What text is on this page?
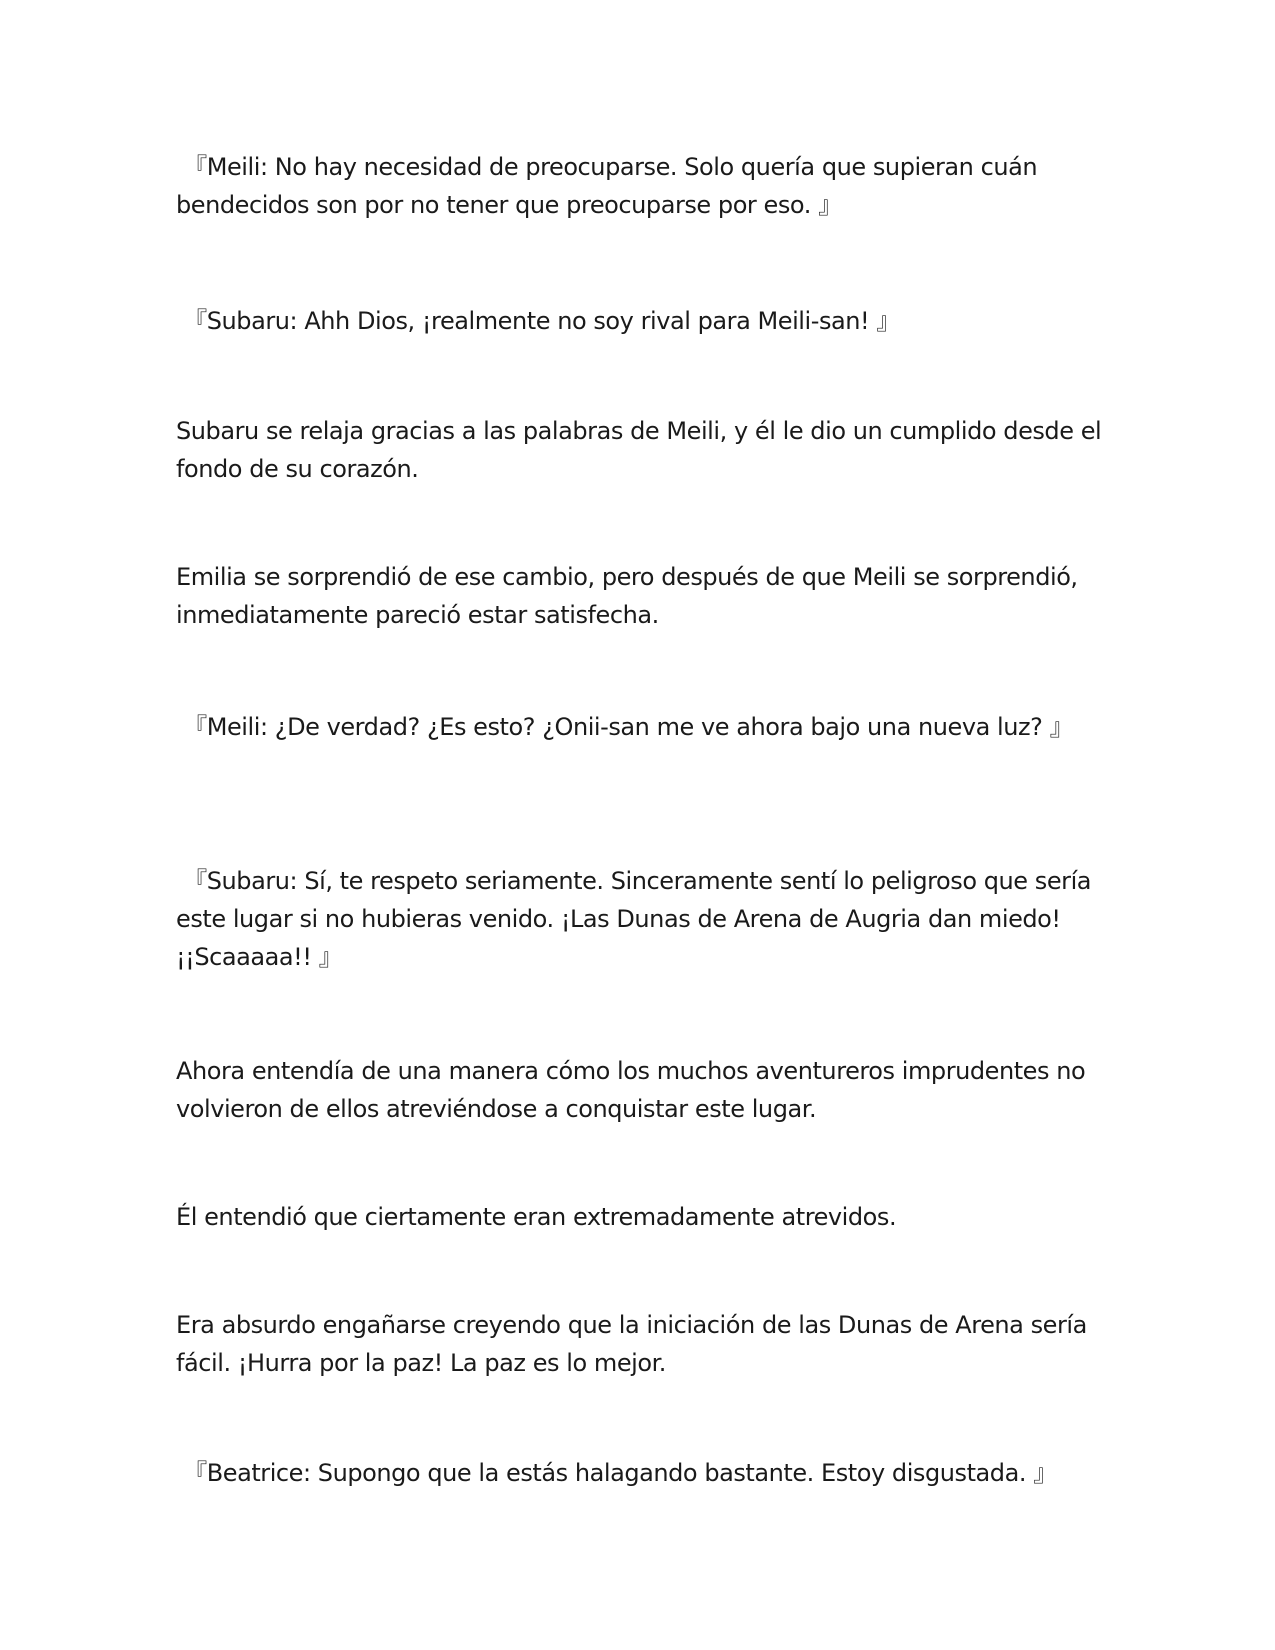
『Meili: No hay necesidad de preocuparse. Solo quería que supieran cuán bendecidos son por no tener que preocuparse por eso. 』

『Subaru: Ahh Dios, ¡realmente no soy rival para Meili-san! 』

Subaru se relaja gracias a las palabras de Meili, y él le dio un cumplido desde el fondo de su corazón.

Emilia se sorprendió de ese cambio, pero después de que Meili se sorprendió, inmediatamente pareció estar satisfecha.

『Meili: ¿De verdad? ¿Es esto? ¿Onii-san me ve ahora bajo una nueva luz? 』

『Subaru: Sí, te respeto seriamente. Sinceramente sentí lo peligroso que sería este lugar si no hubieras venido. ¡Las Dunas de Arena de Augria dan miedo! ¡¡Scaaaaa!! 』

Ahora entendía de una manera cómo los muchos aventureros imprudentes no volvieron de ellos atreviéndose a conquistar este lugar.

Él entendió que ciertamente eran extremadamente atrevidos.

Era absurdo engañarse creyendo que la iniciación de las Dunas de Arena sería fácil. ¡Hurra por la paz! La paz es lo mejor.

『Beatrice: Supongo que la estás halagando bastante. Estoy disgustada. 』
